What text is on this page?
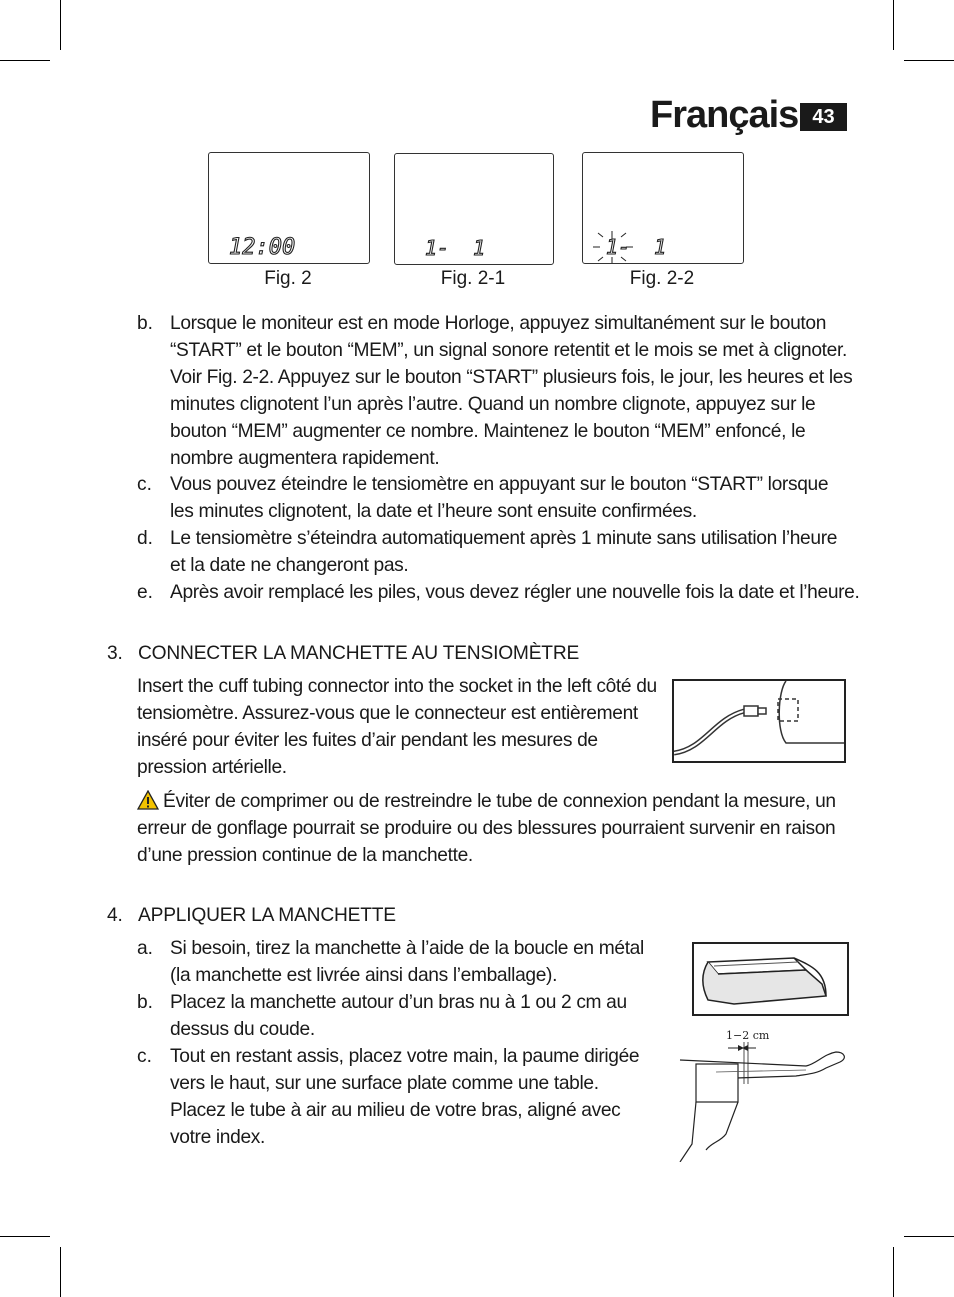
Français 43
12:00
Fig. 2
1-  1
Fig. 2-1
1-  1
Fig. 2-2
b. Lorsque le moniteur est en mode Horloge, appuyez simultanément sur le bouton “START” et le bouton “MEM”, un signal sonore retentit et le mois se met à clignoter. Voir Fig. 2-2. Appuyez sur le bouton “START” plusieurs fois, le jour, les heures et les minutes clignotent l’un après l’autre. Quand un nombre clignote, appuyez sur le bouton “MEM” augmenter ce nombre. Maintenez le bouton “MEM” enfoncé, le nombre augmentera rapidement.
c. Vous pouvez éteindre le tensiomètre en appuyant sur le bouton “START” lorsque les minutes clignotent, la date et l’heure sont ensuite confirmées.
d. Le tensiomètre s’éteindra automatiquement après 1 minute sans utilisation l’heure et la date ne changeront pas.
e. Après avoir remplacé les piles, vous devez régler une nouvelle fois la date et l’heure.
3. CONNECTER LA MANCHETTE AU TENSIOMÈTRE
Insert the cuff tubing connector into the socket in the left côté du tensiomètre. Assurez-vous que le connecteur est entièrement inséré pour éviter les fuites d’air pendant les mesures de pression artérielle.
Éviter de comprimer ou de restreindre le tube de connexion pendant la mesure, un erreur de gonflage pourrait se produire ou des blessures pourraient survenir en raison d’une pression continue de la manchette.
4. APPLIQUER LA MANCHETTE
a. Si besoin, tirez la manchette à l’aide de la boucle en métal (la manchette est livrée ainsi dans l’emballage).
b. Placez la manchette autour d’un bras nu à 1 ou 2 cm au dessus du coude.
c. Tout en restant assis, placez votre main, la paume dirigée vers le haut, sur une surface plate comme une table. Placez le tube à air au milieu de votre bras, aligné avec votre index.
1−2 cm
